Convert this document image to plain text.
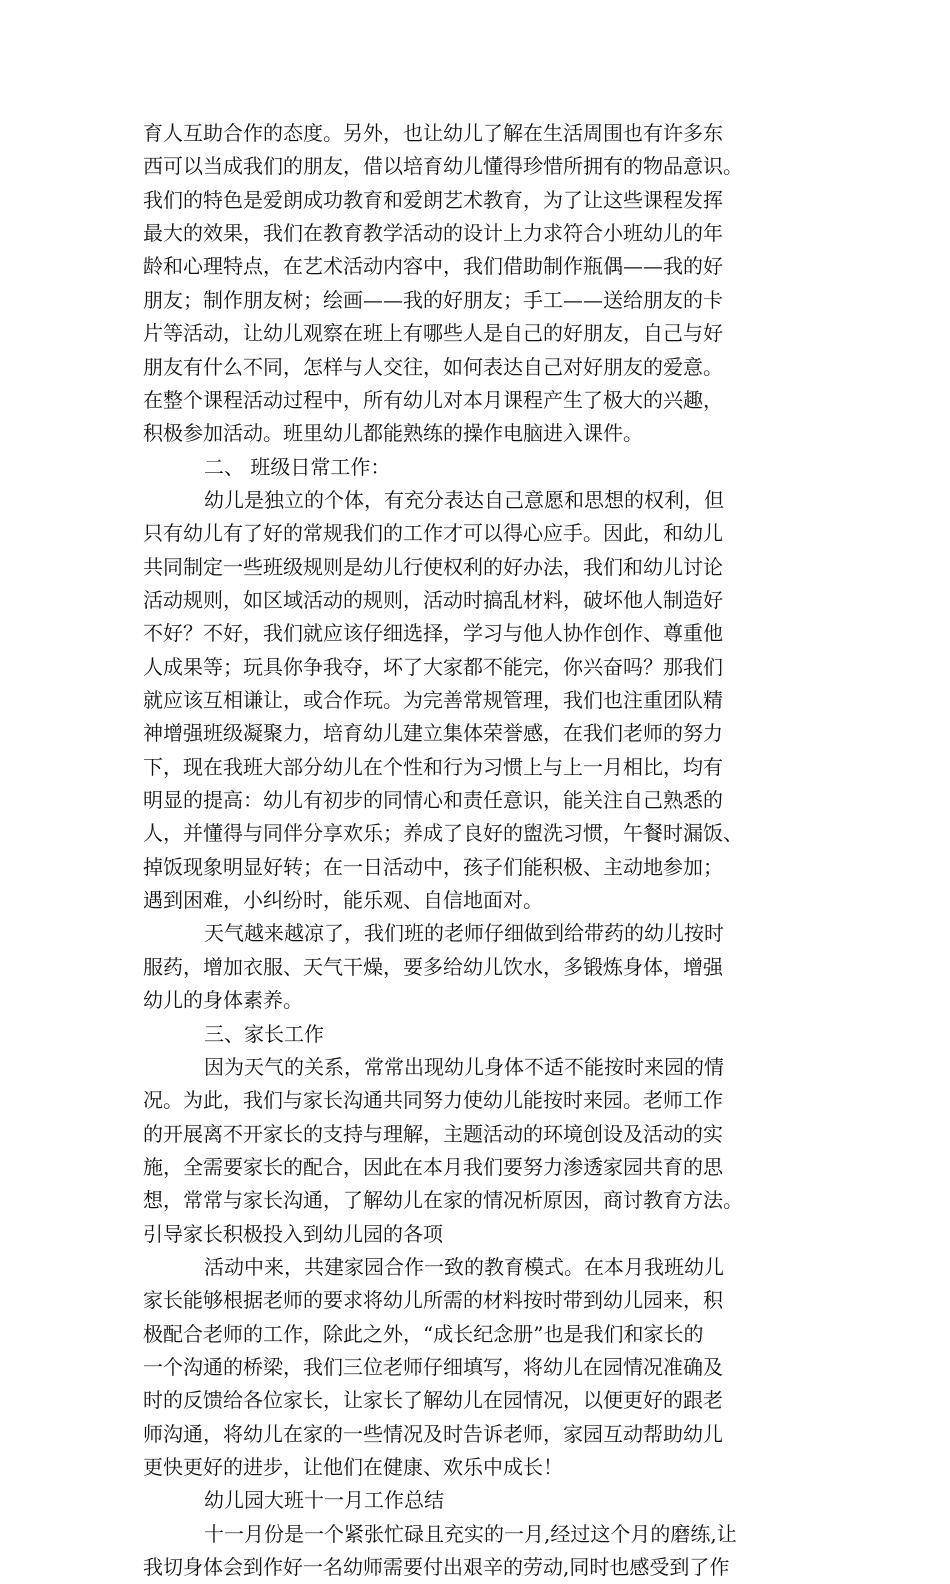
育人互助合作的态度。另外，也让幼儿了解在生活周围也有许多东

西可以当成我们的朋友，借以培育幼儿懂得珍惜所拥有的物品意识。

我们的特色是爱朗成功教育和爱朗艺术教育，为了让这些课程发挥

最大的效果，我们在教育教学活动的设计上力求符合小班幼儿的年

龄和心理特点，在艺术活动内容中，我们借助制作瓶偶——我的好

朋友；制作朋友树；绘画——我的好朋友；手工——送给朋友的卡

片等活动，让幼儿观察在班上有哪些人是自己的好朋友，自己与好

朋友有什么不同，怎样与人交往，如何表达自己对好朋友的爱意。

在整个课程活动过程中，所有幼儿对本月课程产生了极大的兴趣，

积极参加活动。班里幼儿都能熟练的操作电脑进入课件。

二、 班级日常工作：

幼儿是独立的个体，有充分表达自己意愿和思想的权利，但

只有幼儿有了好的常规我们的工作才可以得心应手。因此，和幼儿

共同制定一些班级规则是幼儿行使权利的好办法，我们和幼儿讨论

活动规则，如区域活动的规则，活动时搞乱材料，破坏他人制造好

不好？不好，我们就应该仔细选择，学习与他人协作创作、尊重他

人成果等；玩具你争我夺，坏了大家都不能完，你兴奋吗？那我们

就应该互相谦让，或合作玩。为完善常规管理，我们也注重团队精

神增强班级凝聚力，培育幼儿建立集体荣誉感，在我们老师的努力

下，现在我班大部分幼儿在个性和行为习惯上与上一月相比，均有

明显的提高：幼儿有初步的同情心和责任意识，能关注自己熟悉的

人，并懂得与同伴分享欢乐；养成了良好的盥洗习惯，午餐时漏饭、

掉饭现象明显好转；在一日活动中，孩子们能积极、主动地参加；

遇到困难，小纠纷时，能乐观、自信地面对。

天气越来越凉了，我们班的老师仔细做到给带药的幼儿按时

服药，增加衣服、天气干燥，要多给幼儿饮水，多锻炼身体，增强

幼儿的身体素养。

三、家长工作

因为天气的关系，常常出现幼儿身体不适不能按时来园的情

况。为此，我们与家长沟通共同努力使幼儿能按时来园。老师工作

的开展离不开家长的支持与理解，主题活动的环境创设及活动的实

施，全需要家长的配合，因此在本月我们要努力渗透家园共育的思

想，常常与家长沟通，了解幼儿在家的情况析原因，商讨教育方法。

引导家长积极投入到幼儿园的各项

活动中来，共建家园合作一致的教育模式。在本月我班幼儿

家长能够根据老师的要求将幼儿所需的材料按时带到幼儿园来，积

极配合老师的工作，除此之外，“成长纪念册”也是我们和家长的

一个沟通的桥梁，我们三位老师仔细填写，将幼儿在园情况准确及

时的反馈给各位家长，让家长了解幼儿在园情况，以便更好的跟老

师沟通，将幼儿在家的一些情况及时告诉老师，家园互动帮助幼儿

更快更好的进步，让他们在健康、欢乐中成长！

幼儿园大班十一月工作总结

十一月份是一个紧张忙碌且充实的一月,经过这个月的磨练,让

我切身体会到作好一名幼师需要付出艰辛的劳动,同时也感受到了作
